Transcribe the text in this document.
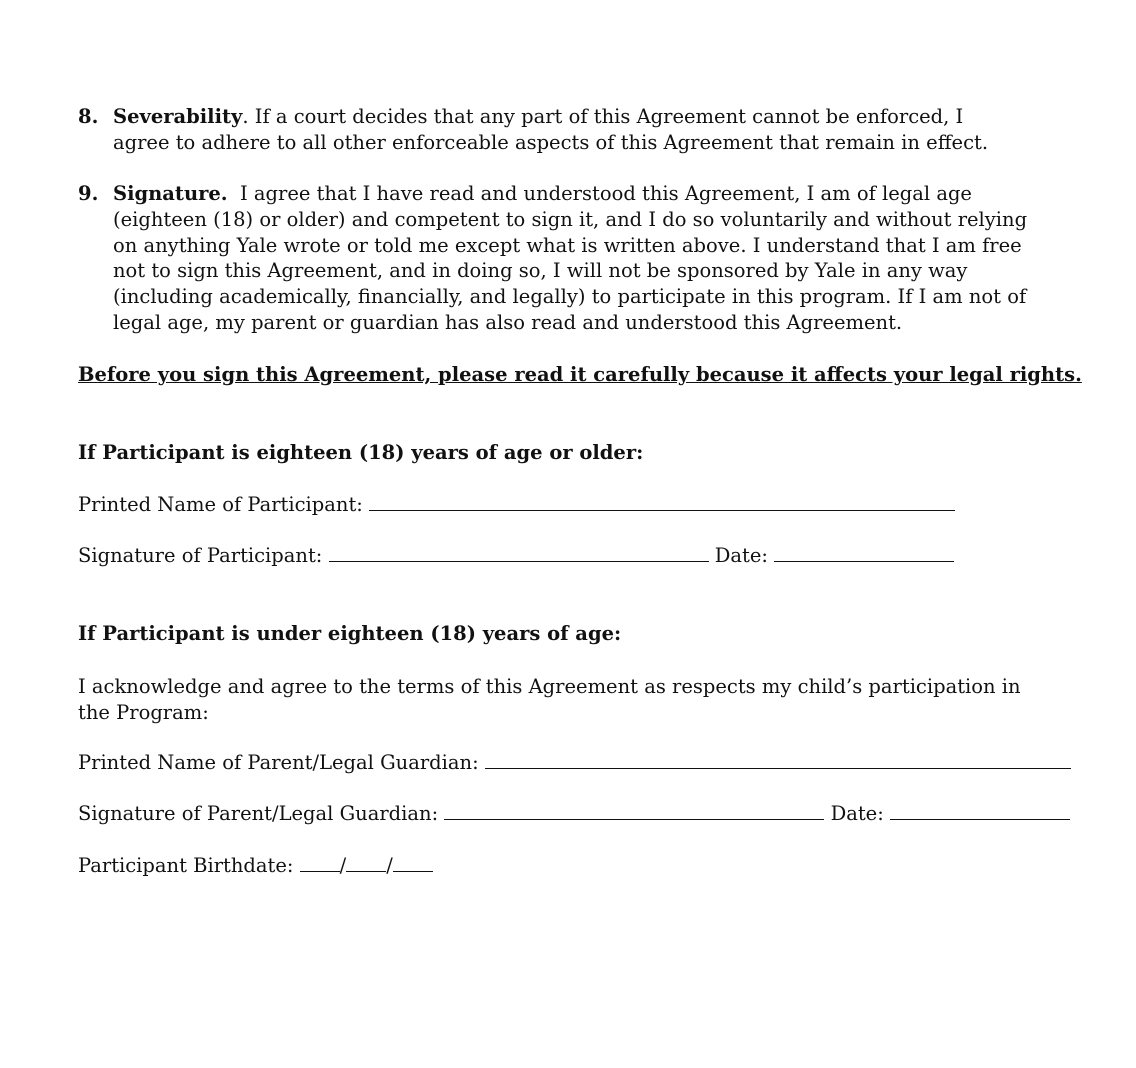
8. Severability. If a court decides that any part of this Agreement cannot be enforced, I agree to adhere to all other enforceable aspects of this Agreement that remain in effect.
9. Signature.  I agree that I have read and understood this Agreement, I am of legal age (eighteen (18) or older) and competent to sign it, and I do so voluntarily and without relying on anything Yale wrote or told me except what is written above. I understand that I am free not to sign this Agreement, and in doing so, I will not be sponsored by Yale in any way (including academically, financially, and legally) to participate in this program. If I am not of legal age, my parent or guardian has also read and understood this Agreement.
Before you sign this Agreement, please read it carefully because it affects your legal rights.
If Participant is eighteen (18) years of age or older:
Printed Name of Participant:
Signature of Participant:	Date:
If Participant is under eighteen (18) years of age:
I acknowledge and agree to the terms of this Agreement as respects my child’s participation in the Program:
Printed Name of Parent/Legal Guardian:
Signature of Parent/Legal Guardian:	Date:
Participant Birthdate: / /
